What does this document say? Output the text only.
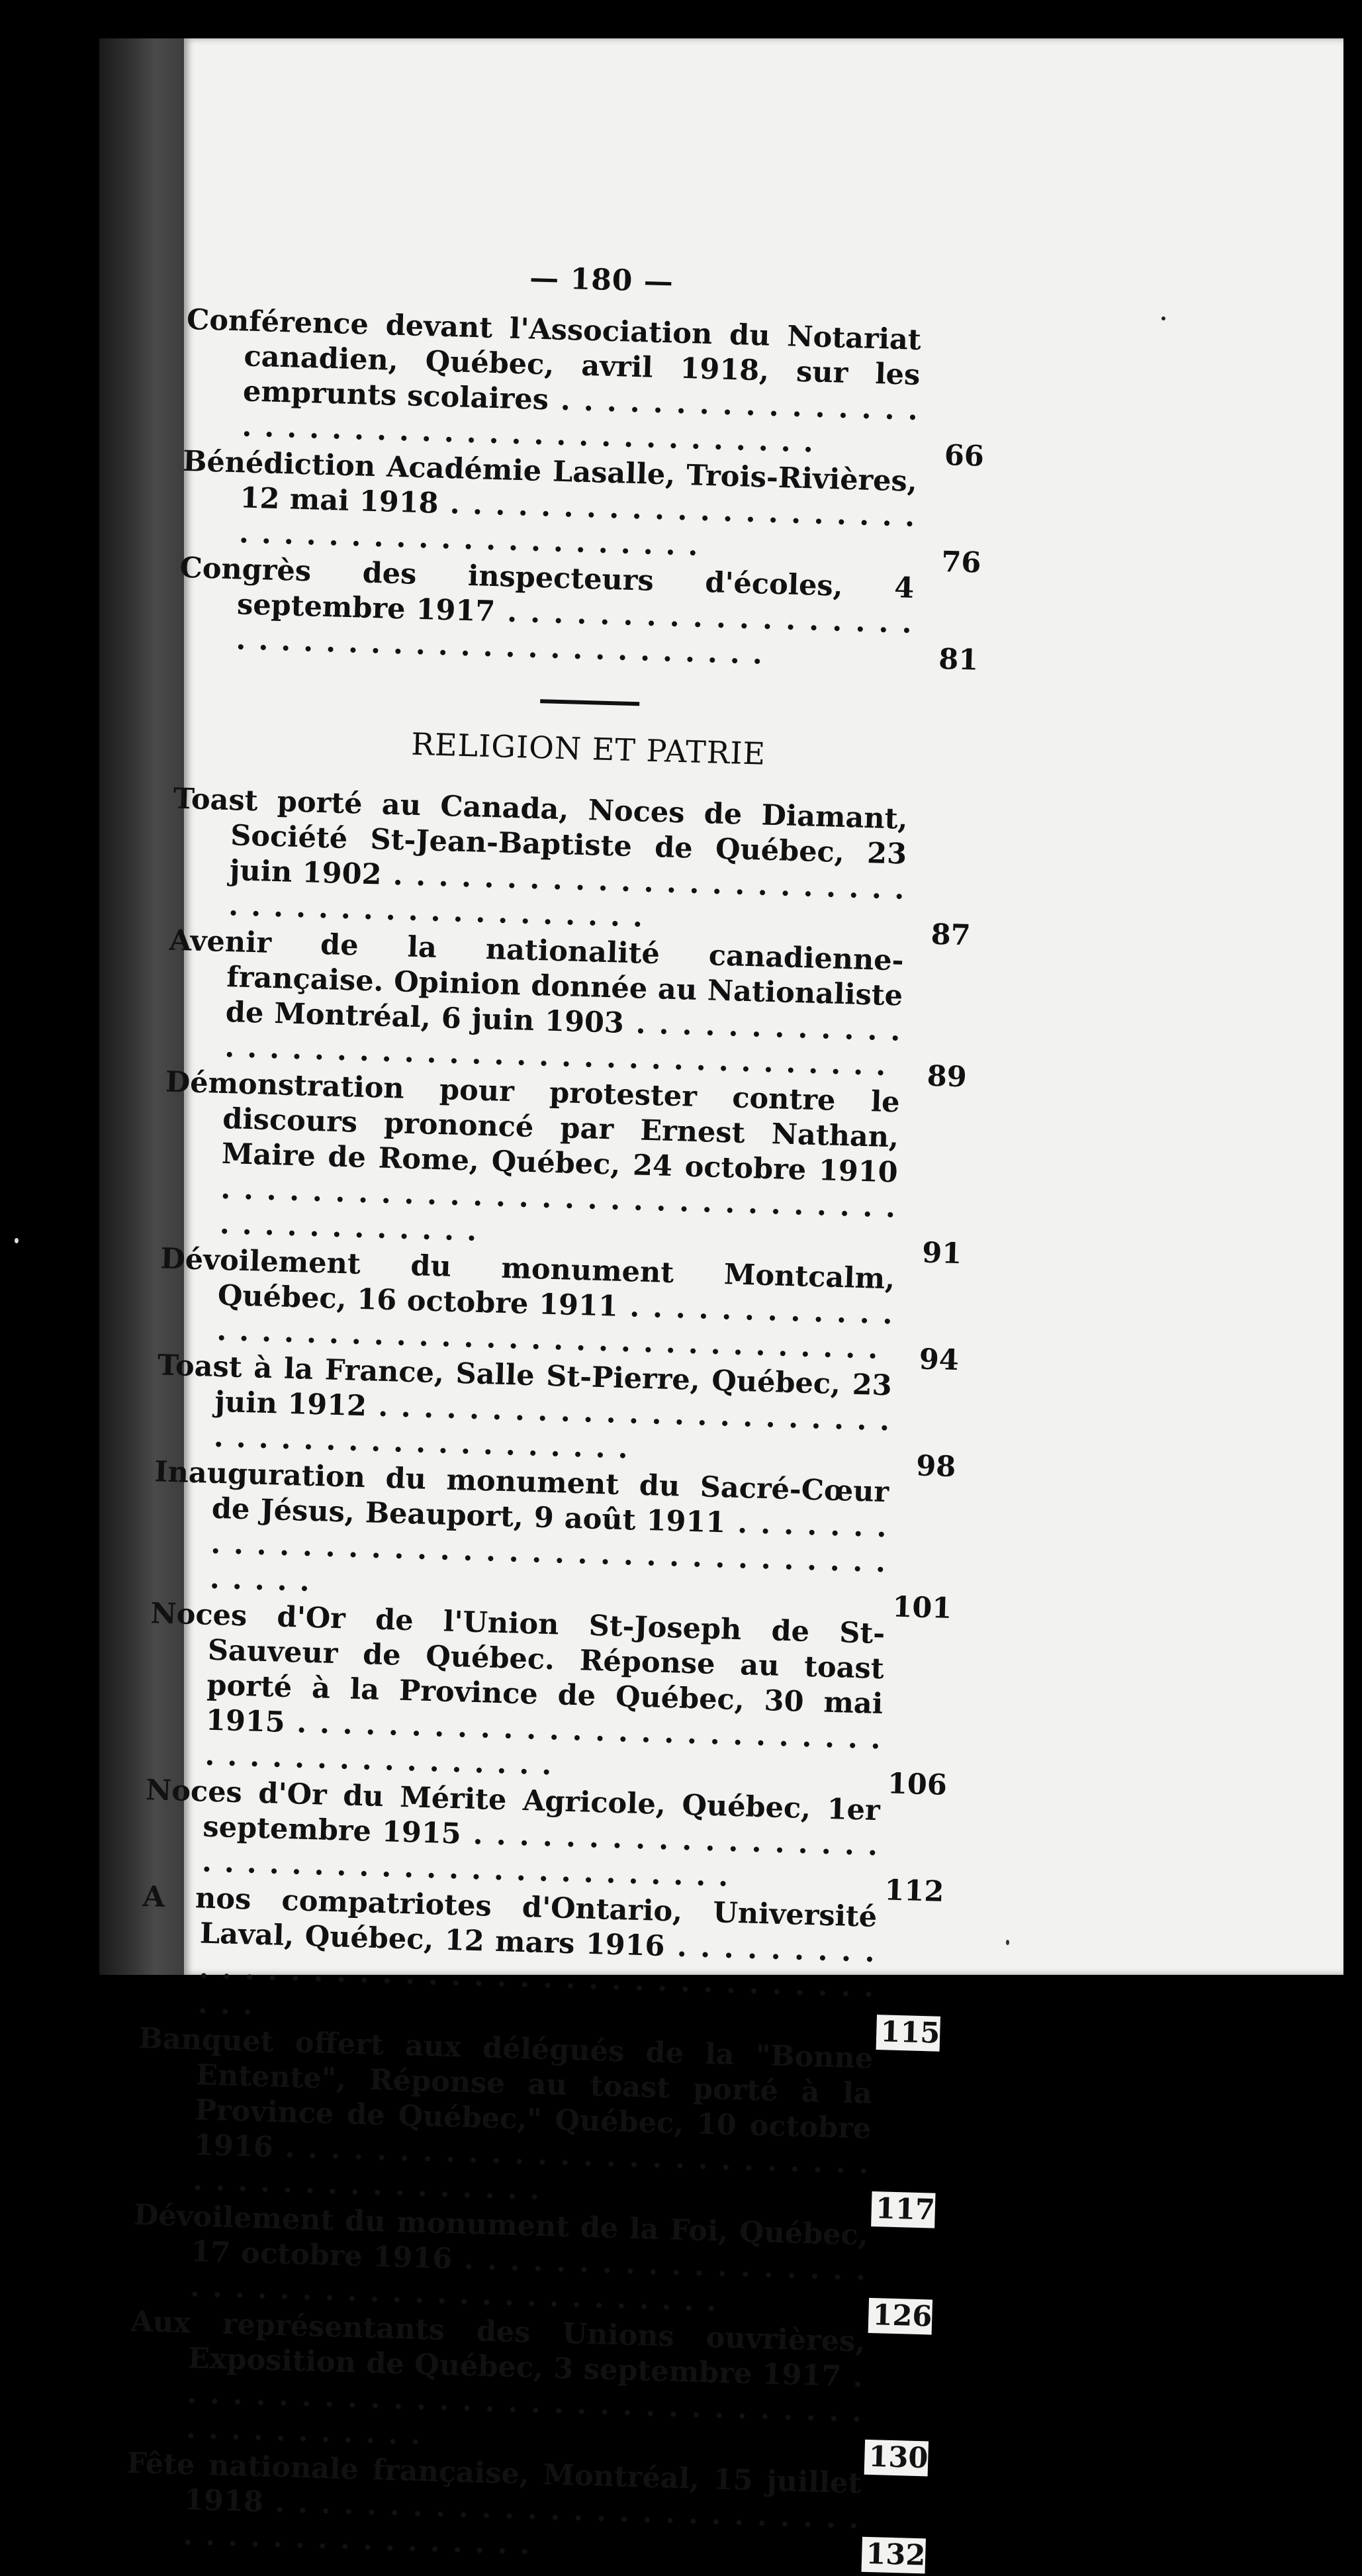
— 180 —
Conférence devant l'Association du Notariat canadien, Québec, avril 1918, sur les emprunts scolaires . . .
66
Bénédiction Académie Lasalle, Trois-Rivières, 12 mai 1918 . . .
76
Congrès des inspecteurs d'écoles, 4 septembre 1917 . . .
81
RELIGION ET PATRIE
Toast porté au Canada, Noces de Diamant, Société St-Jean-Baptiste de Québec, 23 juin 1902 . . .
87
Avenir de la nationalité canadienne-française. Opinion donnée au Nationaliste de Montréal, 6 juin 1903 . . .
89
Démonstration pour protester contre le discours prononcé par Ernest Nathan, Maire de Rome, Québec, 24 octobre 1910 . . .
91
Dévoilement du monument Montcalm, Québec, 16 octobre 1911 . . .
94
Toast à la France, Salle St-Pierre, Québec, 23 juin 1912 . . .
98
Inauguration du monument du Sacré-Cœur de Jésus, Beauport, 9 août 1911 . . .
101
Noces d'Or de l'Union St-Joseph de St-Sauveur de Québec. Réponse au toast porté à la Province de Québec, 30 mai 1915 . . .
106
Noces d'Or du Mérite Agricole, Québec, 1er septembre 1915 . . .
112
A nos compatriotes d'Ontario, Université Laval, Québec, 12 mars 1916 . . .
115
Banquet offert aux délégués de la "Bonne Entente", Réponse au toast porté à la Province de Québec," Québec, 10 octobre 1916 . . .
117
Dévoilement du monument de la Foi, Québec, 17 octobre 1916 . . .
126
Aux représentants des Unions ouvrières, Exposition de Québec, 3 septembre 1917 . . .
130
Fête nationale française, Montréal, 15 juillet 1918 . . .
132
